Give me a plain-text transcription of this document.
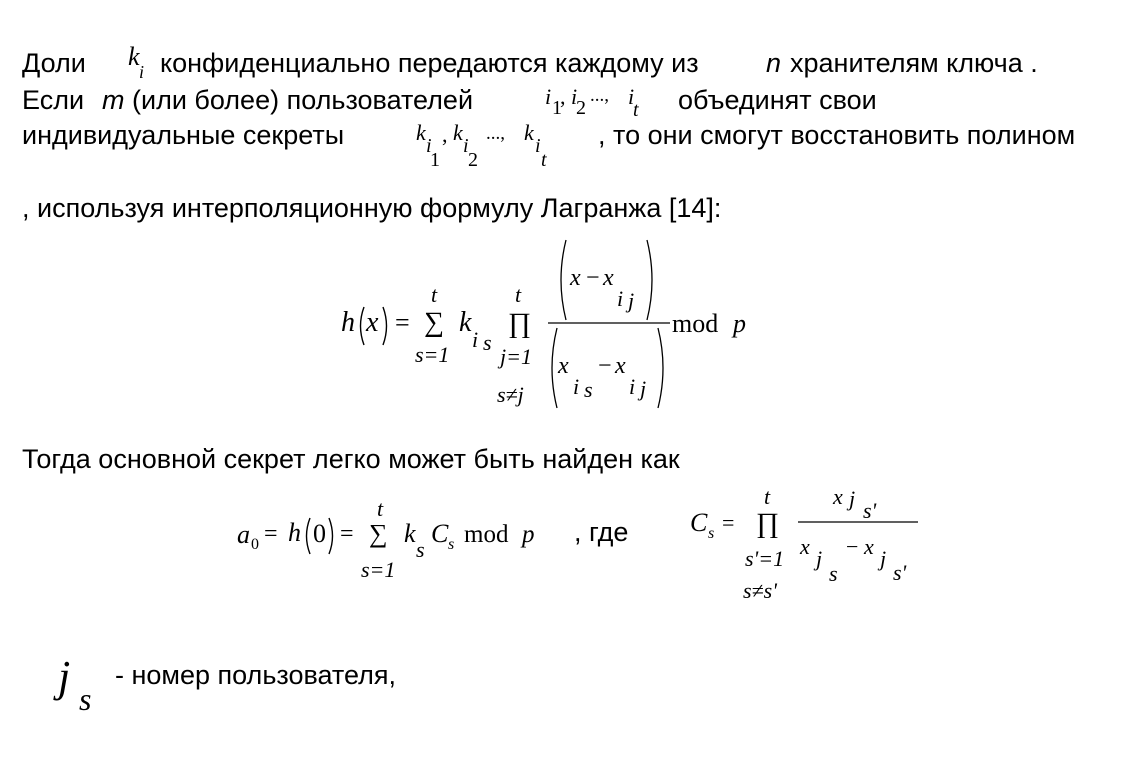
Доли k
i конфиденциально передаются каждому из n хранителям ключа .
Если m (или более) пользователей	i 1
, i
2
..., i
t объединят свои
индивидуальные секреты	k
i
1
, k
i
2
..., k
i
t
, то они смогут восстановить полином
, используя интерполяционную формулу Лагранжа [14]:
h x =
t
∑
s=1
k
i s
t
∏
j=1
s≠j
x − x
i j
x
i s
− x
i j
mod p
Тогда основной секрет легко может быть найден как
a 0 = h 0 =
t
∑
s=1
k
s
C s mod p , где C s =
t
∏
s'=1
s≠s'
x j s'
x j
s
− x j
s'
j s
- номер пользователя,
